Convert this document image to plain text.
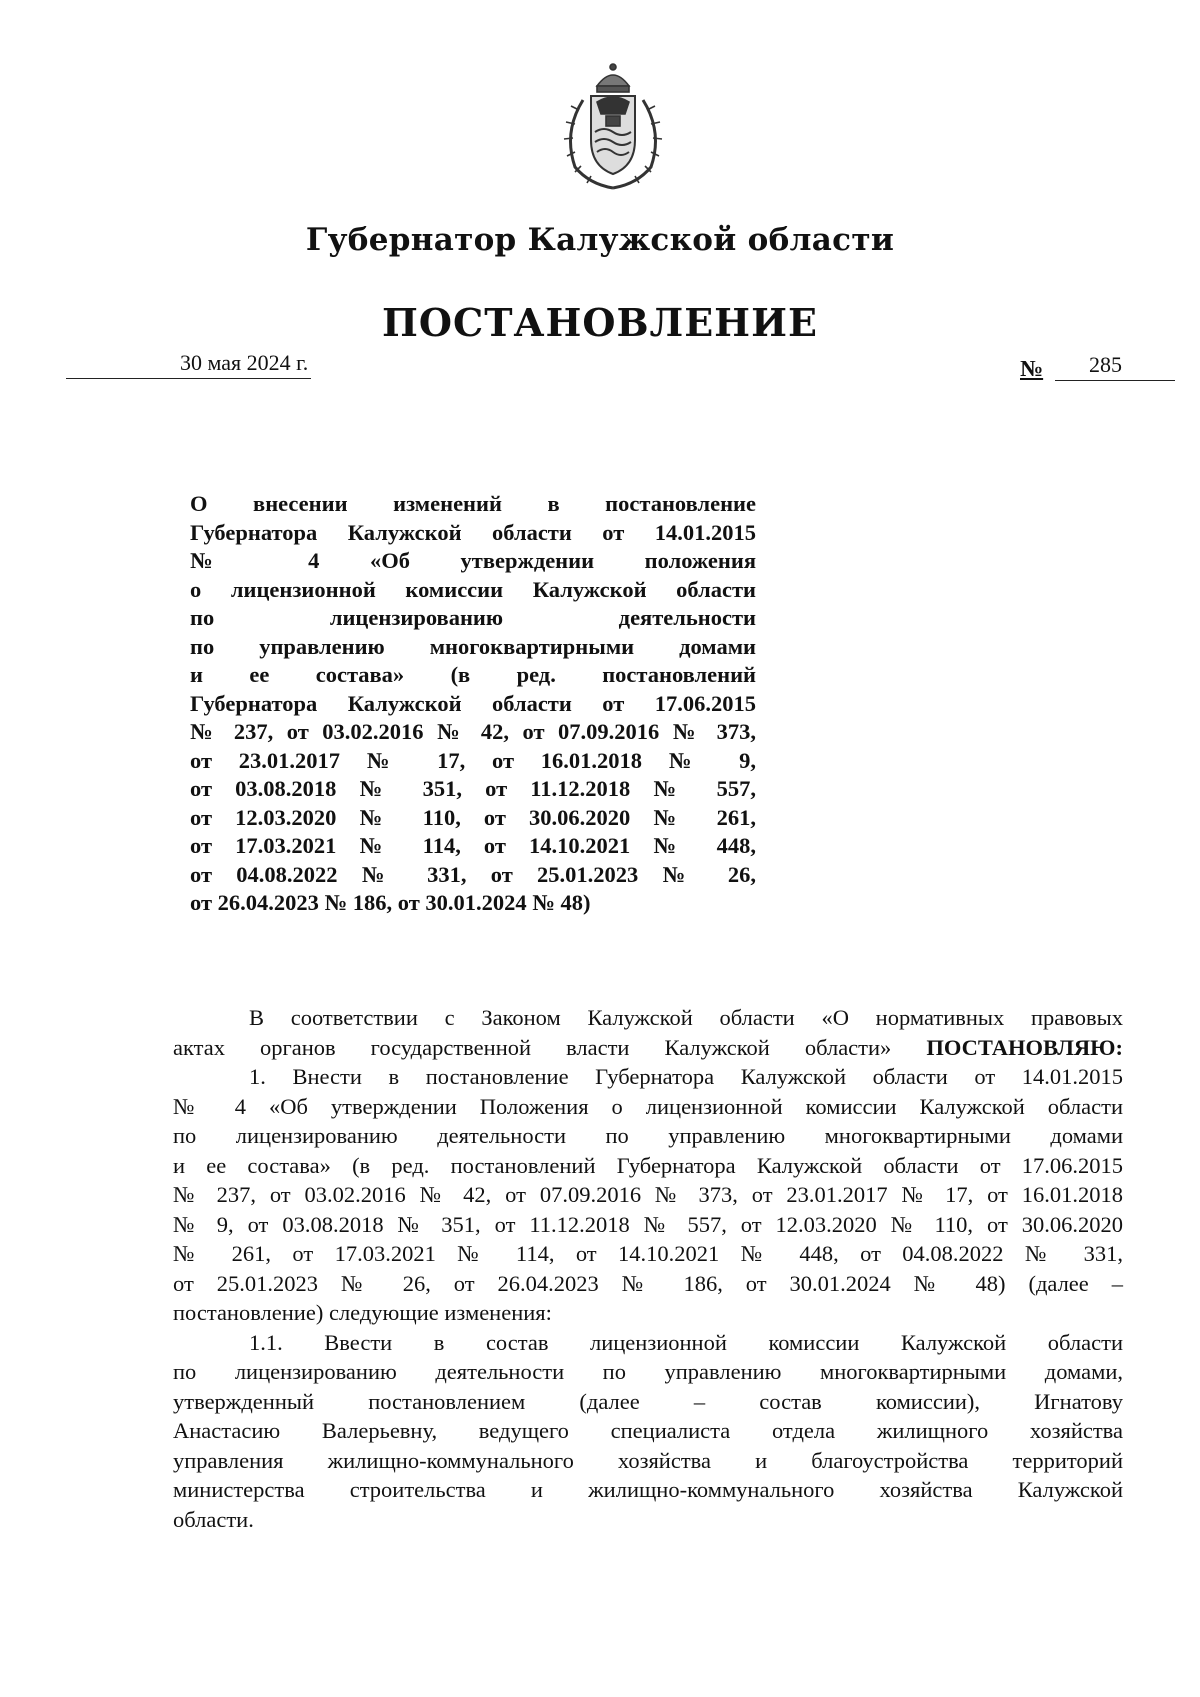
Губернатор Калужской области
ПОСТАНОВЛЕНИЕ
30 мая 2024 г.	№ 285
О внесении изменений в постановление
Губернатора Калужской области от 14.01.2015
№ 4 «Об утверждении положения
о лицензионной комиссии Калужской области
по лицензированию деятельности
по управлению многоквартирными домами
и ее состава» (в ред. постановлений
Губернатора Калужской области от 17.06.2015
№ 237, от 03.02.2016 № 42, от 07.09.2016 № 373,
от 23.01.2017 № 17, от 16.01.2018 № 9,
от 03.08.2018 № 351, от 11.12.2018 № 557,
от 12.03.2020 № 110, от 30.06.2020 № 261,
от 17.03.2021 № 114, от 14.10.2021 № 448,
от 04.08.2022 № 331, от 25.01.2023 № 26,
от 26.04.2023 № 186, от 30.01.2024 № 48)
В соответствии с Законом Калужской области «О нормативных правовых
актах органов государственной власти Калужской области» ПОСТАНОВЛЯЮ:
1. Внести в постановление Губернатора Калужской области от 14.01.2015
№ 4 «Об утверждении Положения о лицензионной комиссии Калужской области
по лицензированию деятельности по управлению многоквартирными домами
и ее состава» (в ред. постановлений Губернатора Калужской области от 17.06.2015
№ 237, от 03.02.2016 № 42, от 07.09.2016 № 373, от 23.01.2017 № 17, от 16.01.2018
№ 9, от 03.08.2018 № 351, от 11.12.2018 № 557, от 12.03.2020 № 110, от 30.06.2020
№ 261, от 17.03.2021 № 114, от 14.10.2021 № 448, от 04.08.2022 № 331,
от 25.01.2023 № 26, от 26.04.2023 № 186, от 30.01.2024 № 48) (далее –
постановление) следующие изменения:
1.1. Ввести в состав лицензионной комиссии Калужской области
по лицензированию деятельности по управлению многоквартирными домами,
утвержденный постановлением (далее – состав комиссии), Игнатову
Анастасию Валерьевну, ведущего специалиста отдела жилищного хозяйства
управления жилищно-коммунального хозяйства и благоустройства территорий
министерства строительства и жилищно-коммунального хозяйства Калужской
области.
